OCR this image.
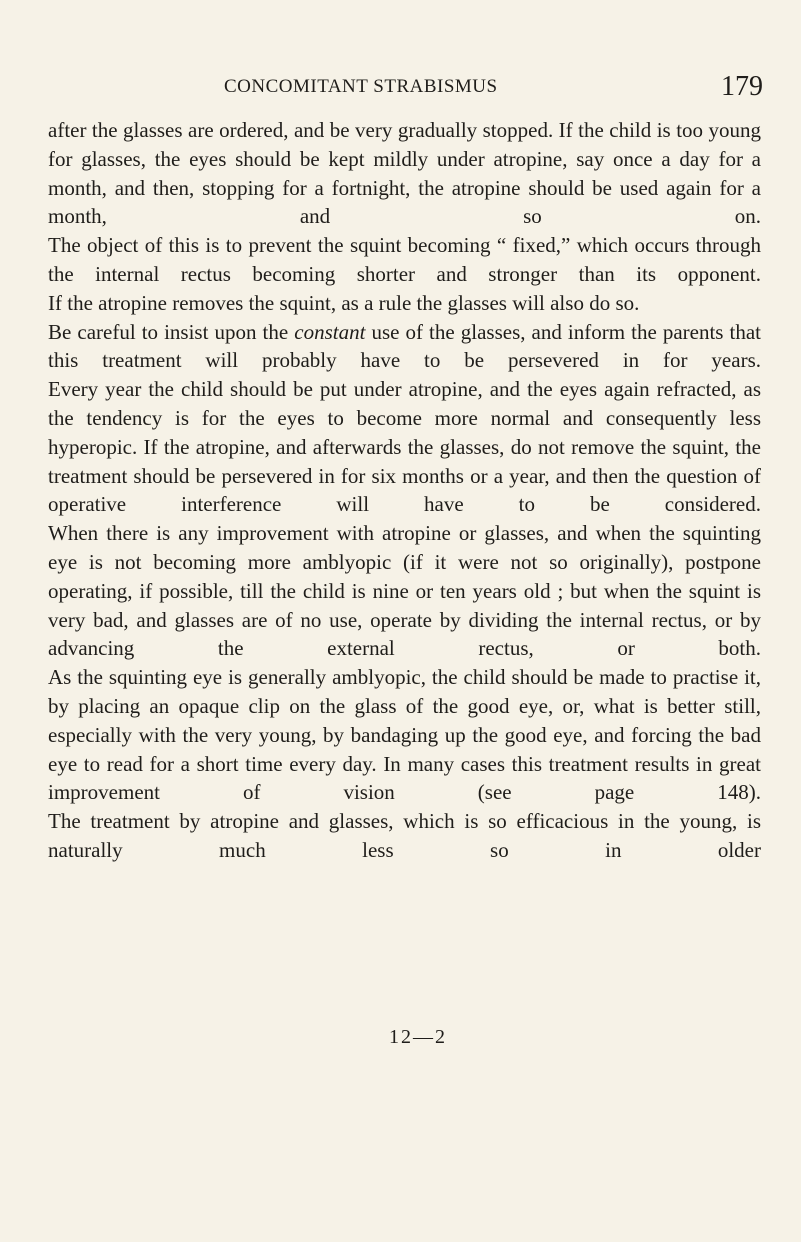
CONCOMITANT STRABISMUS	179

after the glasses are ordered, and be very gradually stopped. If the child is too young for glasses, the eyes should be kept mildly under atropine, say once a day for a month, and then, stopping for a fortnight, the atropine should be used again for a month, and so on.

The object of this is to prevent the squint becoming “ fixed,” which occurs through the internal rectus becoming shorter and stronger than its opponent.

If the atropine removes the squint, as a rule the glasses will also do so.

Be careful to insist upon the constant use of the glasses, and inform the parents that this treatment will probably have to be persevered in for years.

Every year the child should be put under atropine, and the eyes again refracted, as the tendency is for the eyes to become more normal and consequently less hyperopic. If the atropine, and afterwards the glasses, do not remove the squint, the treatment should be persevered in for six months or a year, and then the question of operative interference will have to be considered.

When there is any improvement with atropine or glasses, and when the squinting eye is not becoming more amblyopic (if it were not so originally), postpone operating, if possible, till the child is nine or ten years old ; but when the squint is very bad, and glasses are of no use, operate by dividing the internal rectus, or by advancing the external rectus, or both.

As the squinting eye is generally amblyopic, the child should be made to practise it, by placing an opaque clip on the glass of the good eye, or, what is better still, especially with the very young, by bandaging up the good eye, and forcing the bad eye to read for a short time every day. In many cases this treatment results in great improvement of vision (see page 148).

The treatment by atropine and glasses, which is so efficacious in the young, is naturally much less so in older

12—2
